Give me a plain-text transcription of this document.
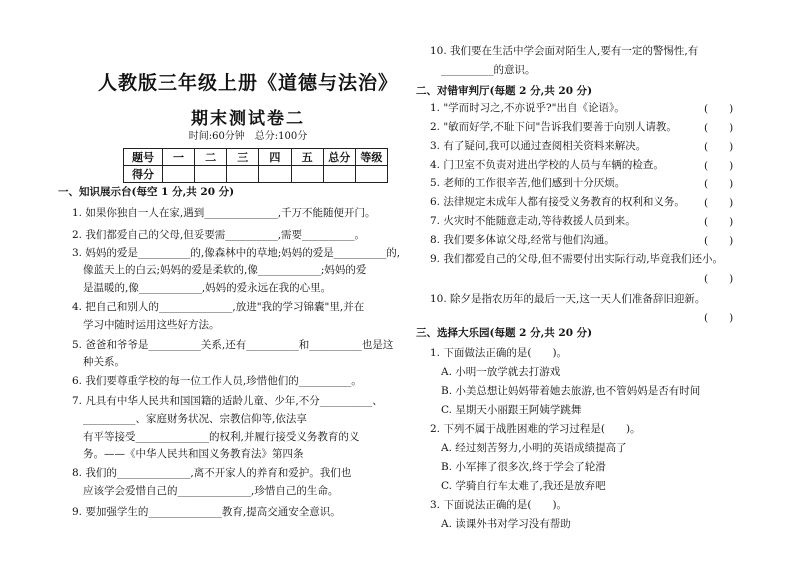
人教版三年级上册《道德与法治》
期末测试卷二
时间:60分钟　总分:100分
题号	一	二	三	四	五	总分	等级
得分							
一、知识展示台(每空 1 分,共 20 分)
1. 如果你独自一人在家,遇到______________,千万不能随便开门。
2. 我们都爱自己的父母,但妥要需__________,需要__________。
3. 妈妈的爱是__________的,像森林中的草地;妈妈的爱是__________的,
像蓝天上的白云;妈妈的爱是柔软的,像____________;妈妈的爱
是温暖的,像____________,妈妈的爱永远在我的心里。
4. 把自己和别人的______________,放进"我的学习锦囊"里,并在
学习中随时运用这些好方法。
5. 爸爸和爷爷是__________关系,还有__________和__________也是这
种关系。
6. 我们要尊重学校的每一位工作人员,珍惜他们的__________。
7. 凡具有中华人民共和国国籍的适龄儿童、少年,不分__________、
__________、家庭财务状况、宗教信仰等,依法享
有平等接受______________的权利,并履行接受义务教育的义
务。——《中华人民共和国义务教育法》第四条
8. 我们的______________,离不开家人的养育和爱护。我们也
应该学会爱惜自己的______________,珍惜自己的生命。
9. 要加强学生的______________教育,提高交通安全意识。
10. 我们要在生活中学会面对陌生人,要有一定的警惕性,有
__________的意识。
二、对错审判厅(每题 2 分,共 20 分)
1. "学而时习之,不亦说乎?"出自《论语》。	(　　)
2. "敏而好学,不耻下问"告诉我们要善于向别人请教。	(　　)
3. 有了疑问,我可以通过查阅相关资料来解决。	(　　)
4. 门卫室不负责对进出学校的人员与车辆的检查。	(　　)
5. 老师的工作很辛苦,他们感到十分厌烦。	(　　)
6. 法律规定未成年人都有接受义务教育的权利和义务。 (　　)
7. 火灾时不能随意走动,等待救援人员到来。	(　　)
8. 我们要多体谅父母,经常与他们沟通。	(　　)
9. 我们都爱自己的父母,但不需要付出实际行动,毕竟我们还小。
(　　)
10. 除夕是指农历年的最后一天,这一天人们准备辞旧迎新。
(　　)
三、选择大乐园(每题 2 分,共 20 分)
1. 下面做法正确的是(　　)。
A. 小明一放学就去打游戏
B. 小美总想让妈妈带着她去旅游,也不管妈妈是否有时间
C. 星期天小丽跟王阿姨学跳舞
2. 下列不属于战胜困难的学习过程是(　　)。
A. 经过刻苦努力,小明的英语成绩提高了
B. 小军摔了很多次,终于学会了轮滑
C. 学骑自行车太难了,我还是放弃吧
3. 下面说法正确的是(　　)。
A. 读课外书对学习没有帮助
